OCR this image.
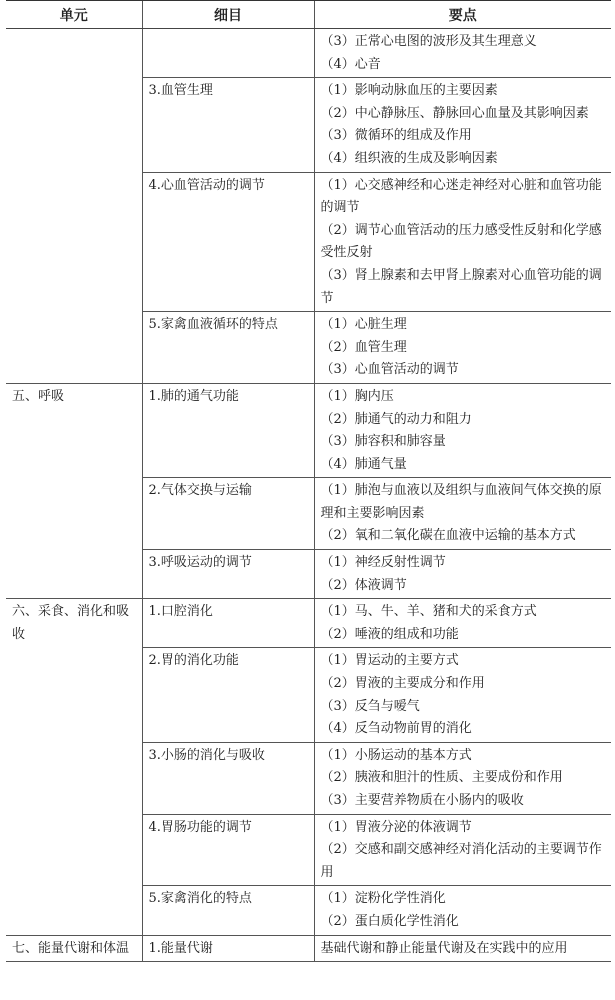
单元	细目	要点

		（3）正常心电图的波形及其生理意义
（4）心音

	3.血管生理	（1）影响动脉血压的主要因素
（2）中心静脉压、静脉回心血量及其影响因素
（3）微循环的组成及作用
（4）组织液的生成及影响因素

	4.心血管活动的调节	（1）心交感神经和心迷走神经对心脏和血管功能的调节
（2）调节心血管活动的压力感受性反射和化学感受性反射
（3）肾上腺素和去甲肾上腺素对心血管功能的调节

	5.家禽血液循环的特点	（1）心脏生理
（2）血管生理
（3）心血管活动的调节

五、呼吸	1.肺的通气功能	（1）胸内压
（2）肺通气的动力和阻力
（3）肺容积和肺容量
（4）肺通气量

	2.气体交换与运输	（1）肺泡与血液以及组织与血液间气体交换的原理和主要影响因素
（2）氧和二氧化碳在血液中运输的基本方式

	3.呼吸运动的调节	（1）神经反射性调节
（2）体液调节

六、采食、消化和吸收	1.口腔消化	（1）马、牛、羊、猪和犬的采食方式
（2）唾液的组成和功能

	2.胃的消化功能	（1）胃运动的主要方式
（2）胃液的主要成分和作用
（3）反刍与嗳气
（4）反刍动物前胃的消化

	3.小肠的消化与吸收	（1）小肠运动的基本方式
（2）胰液和胆汁的性质、主要成份和作用
（3）主要营养物质在小肠内的吸收

	4.胃肠功能的调节	（1）胃液分泌的体液调节
（2）交感和副交感神经对消化活动的主要调节作用

	5.家禽消化的特点	（1）淀粉化学性消化
（2）蛋白质化学性消化

七、能量代谢和体温	1.能量代谢	基础代谢和静止能量代谢及在实践中的应用
